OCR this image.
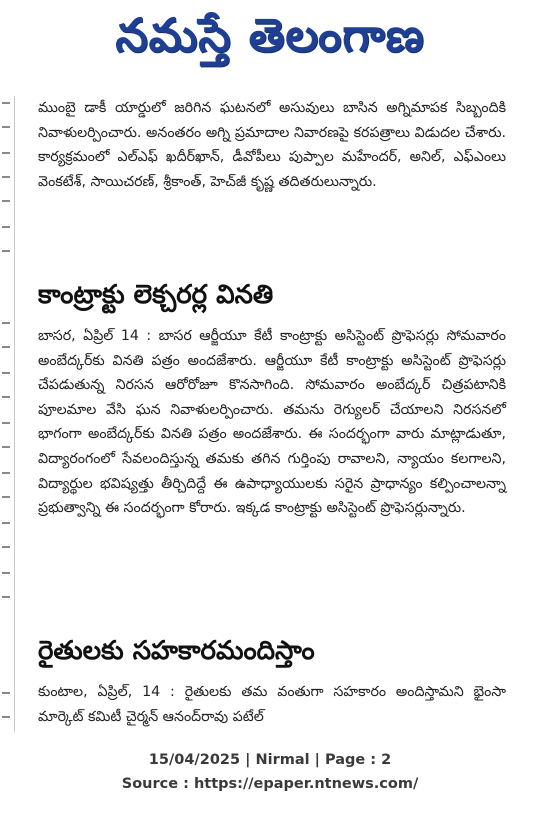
నమస్తే తెలంగాణ
ముంబై డాకీ యార్డులో జరిగిన ఘటనలో అసువులు బాసిన అగ్నిమాపక సిబ్బందికి నివాళులర్పించారు. అనంతరం అగ్ని ప్రమాదాల నివారణపై కరపత్రాలు విడుదల చేశారు. కార్యక్రమంలో ఎల్ఎఫ్ ఖదీర్‌ఖాన్, డీవోపీలు పుప్పాల మహేందర్, అనిల్, ఎఫ్ఎంలు వెంకటేశ్, సాయిచరణ్, శ్రీకాంత్, హెచ్‌జీ కృష్ణ తదితరులున్నారు.
కాంట్రాక్టు లెక్చరర్ల వినతి
బాసర, ఏప్రిల్ 14 : బాసర ఆర్జీయూ కేటీ కాంట్రాక్టు అసిస్టెంట్ ప్రొఫెసర్లు సోమవారం అంబేద్కర్‌కు వినతి పత్రం అందజేశారు. ఆర్జీయూ కేటీ కాంట్రాక్టు అసిస్టెంట్ ప్రొఫెసర్లు చేపడుతున్న నిరసన ఆరోరోజూ కొనసాగింది. సోమవారం అంబేద్కర్ చిత్రపటానికి పూలమాల వేసి ఘన నివాళులర్పించారు. తమను రెగ్యులర్ చేయాలని నిరసనలో భాగంగా అంబేద్కర్‌కు వినతి పత్రం అందజేశారు. ఈ సందర్భంగా వారు మాట్లాడుతూ, విద్యారంగంలో సేవలందిస్తున్న తమకు తగిన గుర్తింపు రావాలని, న్యాయం కలగాలని, విద్యార్థుల భవిష్యత్తు తీర్చిదిద్దే ఈ ఉపాధ్యాయులకు సరైన ప్రాధాన్యం కల్పించాలన్నా ప్రభుత్వాన్ని ఈ సందర్భంగా కోరారు. ఇక్కడ కాంట్రాక్టు అసిస్టెంట్ ప్రొఫెసర్లున్నారు.
రైతులకు సహకారమందిస్తాం
కుంటాల, ఏప్రిల్, 14 : రైతులకు తమ వంతుగా సహకారం అందిస్తామని భైంసా మార్కెట్ కమిటీ చైర్మన్ ఆనంద్‌రావు పటేల్
15/04/2025 | Nirmal | Page : 2
Source : https://epaper.ntnews.com/
